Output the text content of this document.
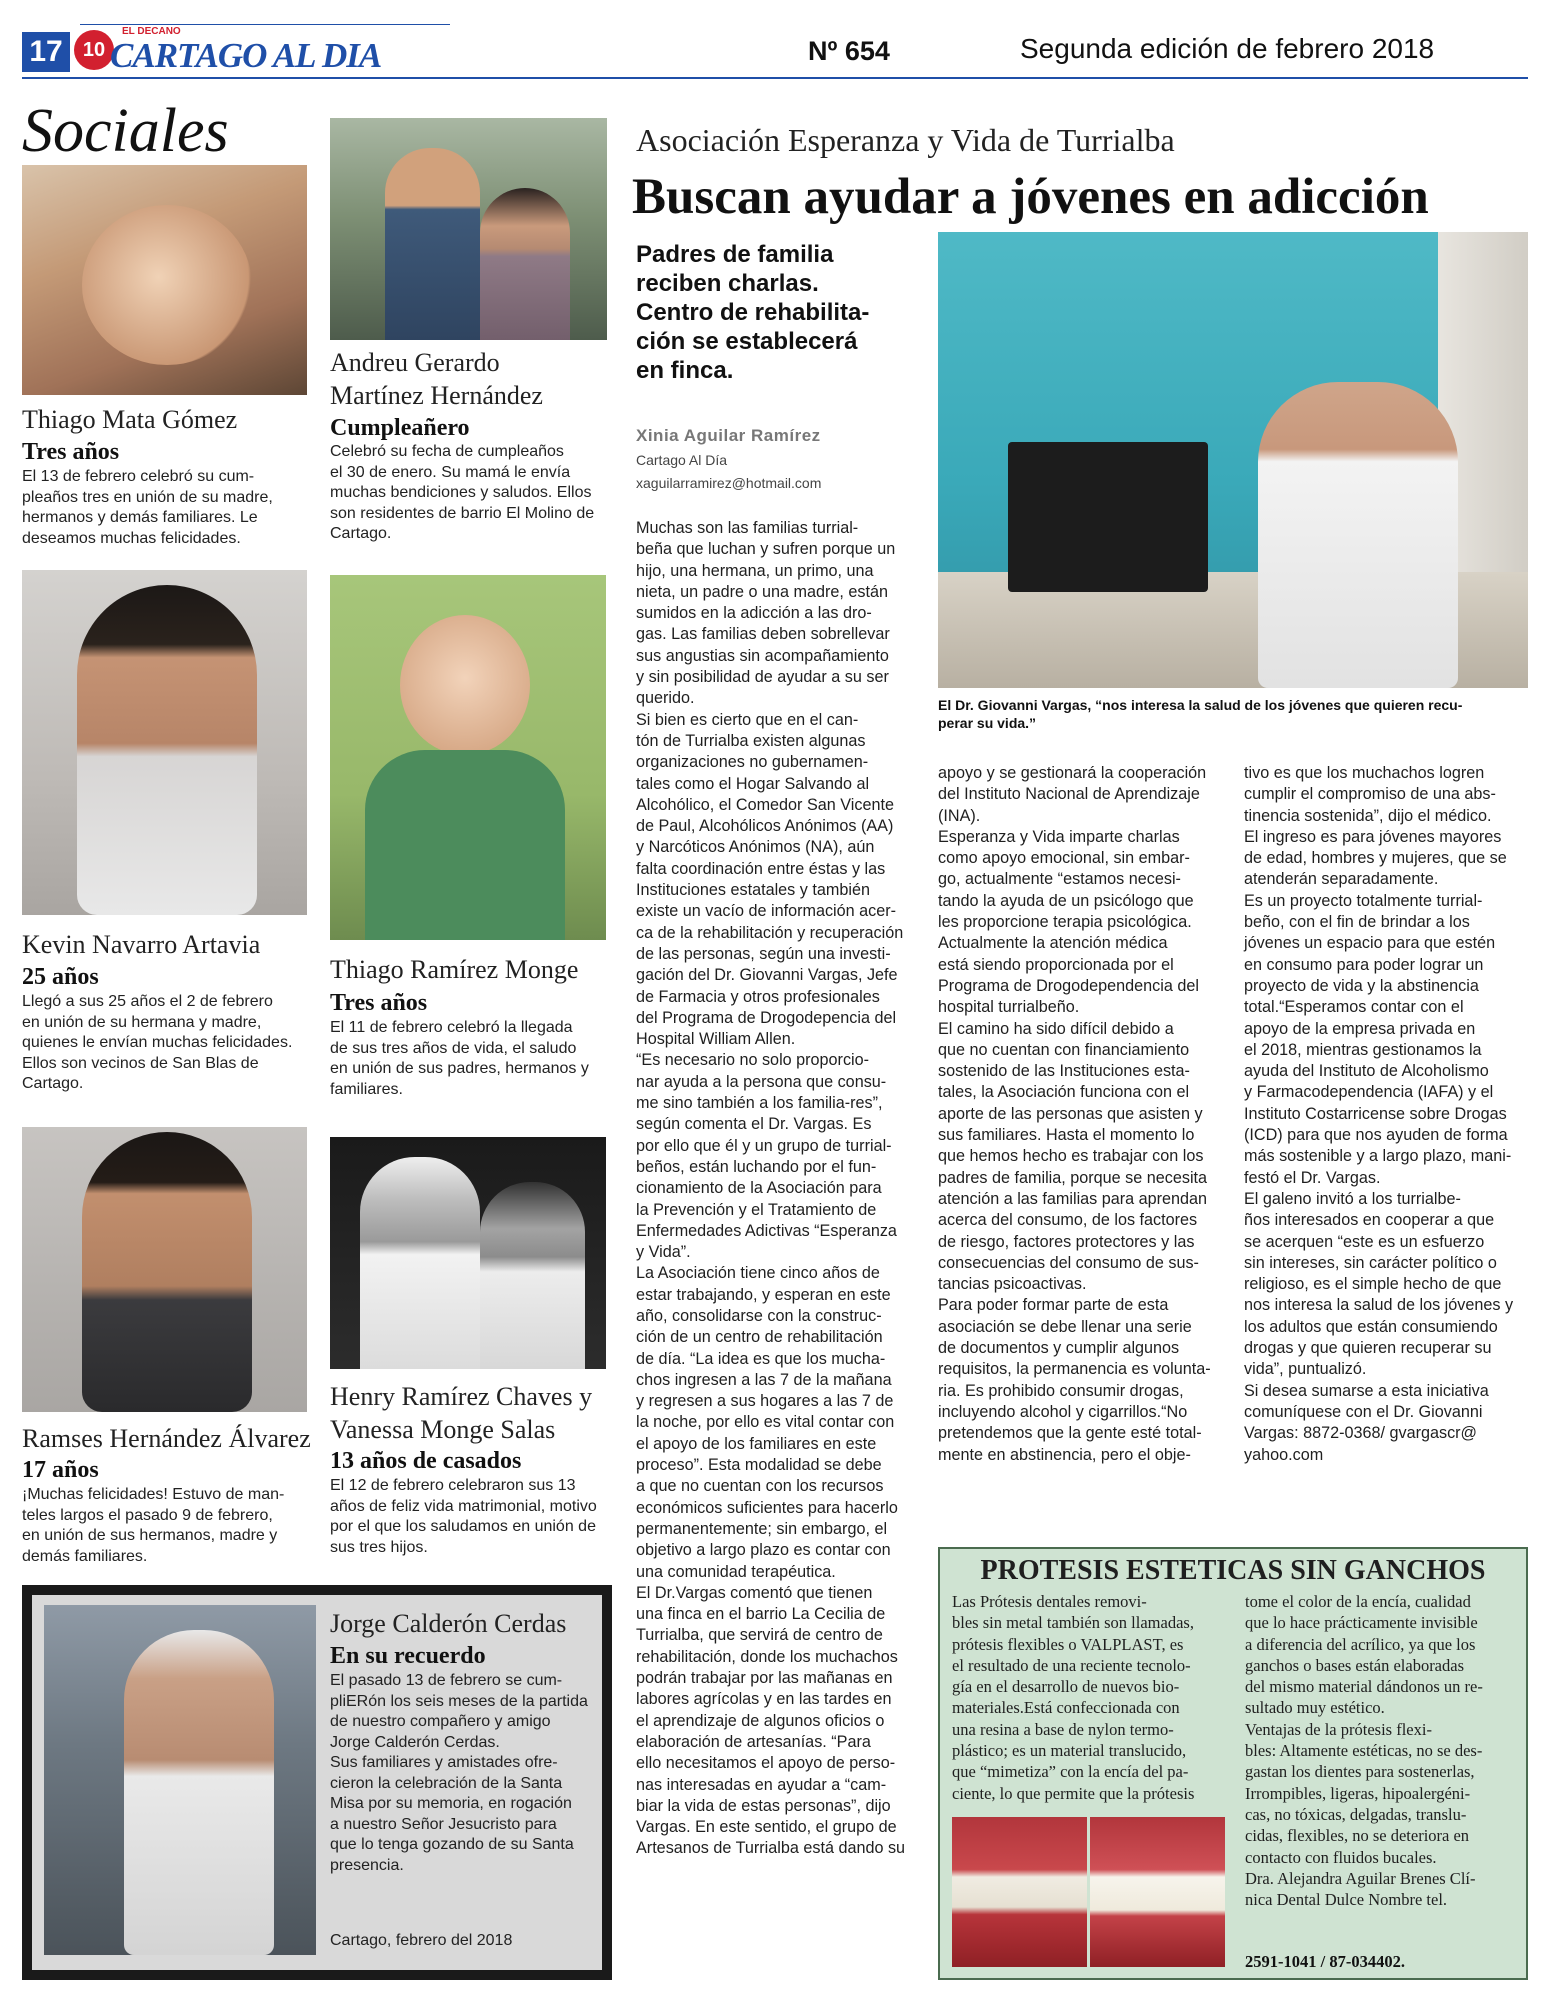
17	10
EL DECANO
CARTAGO AL DIA	Nº 654	Segunda edición de febrero 2018
Sociales
Thiago Mata Gómez
Tres años
El 13 de febrero celebró su cum-
pleaños tres en unión de su madre,
hermanos y demás familiares. Le
deseamos muchas felicidades.
Andreu Gerardo
Martínez Hernández
Cumpleañero
Celebró su fecha de cumpleaños
el 30 de enero. Su mamá le envía
muchas bendiciones y saludos. Ellos
son residentes de barrio El Molino de
Cartago.
Kevin Navarro Artavia
25 años
Llegó a sus 25 años el 2 de febrero
en unión de su hermana y madre,
quienes le envían muchas felicidades.
Ellos son vecinos de San Blas de
Cartago.
Thiago Ramírez Monge
Tres años
El 11 de febrero celebró la llegada
de sus tres años de vida, el saludo
en unión de sus padres, hermanos y
familiares.
Ramses Hernández Álvarez
17 años
¡Muchas felicidades! Estuvo de man-
teles largos el pasado 9 de febrero,
en unión de sus hermanos, madre y
demás familiares.
Henry Ramírez Chaves y
Vanessa Monge Salas
13 años de casados
El 12 de febrero celebraron sus 13
años de feliz vida matrimonial, motivo
por el que los saludamos en unión de
sus tres hijos.
Jorge Calderón Cerdas
En su recuerdo
El pasado 13 de febrero se cum-
pliERón los seis meses de la partida
de nuestro compañero y amigo
Jorge Calderón Cerdas.
Sus familiares y amistades ofre-
cieron la celebración de la Santa
Misa por su memoria, en rogación
a nuestro Señor Jesucristo para
que lo tenga gozando de su Santa
presencia.
Cartago, febrero del 2018
Asociación Esperanza y Vida de Turrialba
Buscan ayudar a jóvenes en adicción
Padres de familia
reciben charlas.
Centro de rehabilita-
ción se establecerá
en finca.
Xinia Aguilar Ramírez
Cartago Al Día
xaguilarramirez@hotmail.com
El Dr. Giovanni Vargas, “nos interesa la salud de los jóvenes que quieren recu-
perar su vida.”
Muchas son las familias turrial-
beña que luchan y sufren porque un
hijo, una hermana, un primo, una
nieta, un padre o una madre, están
sumidos en la adicción a las dro-
gas. Las familias deben sobrellevar
sus angustias sin acompañamiento
y sin posibilidad de ayudar a su ser
querido.
Si bien es cierto que en el can-
tón de Turrialba existen algunas
organizaciones no gubernamen-
tales como el Hogar Salvando al
Alcohólico, el Comedor San Vicente
de Paul, Alcohólicos Anónimos (AA)
y Narcóticos Anónimos (NA), aún
falta coordinación entre éstas y las
Instituciones estatales y también
existe un vacío de información acer-
ca de la rehabilitación y recuperación
de las personas, según una investi-
gación del Dr. Giovanni Vargas, Jefe
de Farmacia y otros profesionales
del Programa de Drogodepencia del
Hospital William Allen.
“Es necesario no solo proporcio-
nar ayuda a la persona que consu-
me sino también a los familia-res”,
según comenta el Dr. Vargas. Es
por ello que él y un grupo de turrial-
beños, están luchando por el fun-
cionamiento de la Asociación para
la Prevención y el Tratamiento de
Enfermedades Adictivas “Esperanza
y Vida”.
La Asociación tiene cinco años de
estar trabajando, y esperan en este
año, consolidarse con la construc-
ción de un centro de rehabilitación
de día. “La idea es que los mucha-
chos ingresen a las 7 de la mañana
y regresen a sus hogares a las 7 de
la noche, por ello es vital contar con
el apoyo de los familiares en este
proceso”. Esta modalidad se debe
a que no cuentan con los recursos
económicos suficientes para hacerlo
permanentemente; sin embargo, el
objetivo a largo plazo es contar con
una comunidad terapéutica.
El Dr.Vargas comentó que tienen
una finca en el barrio La Cecilia de
Turrialba, que servirá de centro de
rehabilitación, donde los muchachos
podrán trabajar por las mañanas en
labores agrícolas y en las tardes en
el aprendizaje de algunos oficios o
elaboración de artesanías. “Para
ello necesitamos el apoyo de perso-
nas interesadas en ayudar a “cam-
biar la vida de estas personas”, dijo
Vargas. En este sentido, el grupo de
Artesanos de Turrialba está dando su
apoyo y se gestionará la cooperación
del Instituto Nacional de Aprendizaje
(INA).
Esperanza y Vida imparte charlas
como apoyo emocional, sin embar-
go, actualmente “estamos necesi-
tando la ayuda de un psicólogo que
les proporcione terapia psicológica.
Actualmente la atención médica
está siendo proporcionada por el
Programa de Drogodependencia del
hospital turrialbeño.
El camino ha sido difícil debido a
que no cuentan con financiamiento
sostenido de las Instituciones esta-
tales, la Asociación funciona con el
aporte de las personas que asisten y
sus familiares. Hasta el momento lo
que hemos hecho es trabajar con los
padres de familia, porque se necesita
atención a las familias para aprendan
acerca del consumo, de los factores
de riesgo, factores protectores y las
consecuencias del consumo de sus-
tancias psicoactivas.
Para poder formar parte de esta
asociación se debe llenar una serie
de documentos y cumplir algunos
requisitos, la permanencia es volunta-
ria. Es prohibido consumir drogas,
incluyendo alcohol y cigarrillos.“No
pretendemos que la gente esté total-
mente en abstinencia, pero el obje-
tivo es que los muchachos logren
cumplir el compromiso de una abs-
tinencia sostenida”, dijo el médico.
El ingreso es para jóvenes mayores
de edad, hombres y mujeres, que se
atenderán separadamente.
Es un proyecto totalmente turrial-
beño, con el fin de brindar a los
jóvenes un espacio para que estén
en consumo para poder lograr un
proyecto de vida y la abstinencia
total.“Esperamos contar con el
apoyo de la empresa privada en
el 2018, mientras gestionamos la
ayuda del Instituto de Alcoholismo
y Farmacodependencia (IAFA) y el
Instituto Costarricense sobre Drogas
(ICD) para que nos ayuden de forma
más sostenible y a largo plazo, mani-
festó el Dr. Vargas.
El galeno invitó a los turrialbe-
ños interesados en cooperar a que
se acerquen “este es un esfuerzo
sin intereses, sin carácter político o
religioso, es el simple hecho de que
nos interesa la salud de los jóvenes y
los adultos que están consumiendo
drogas y que quieren recuperar su
vida”, puntualizó.
Si desea sumarse a esta iniciativa
comuníquese con el Dr. Giovanni
Vargas: 8872-0368/ gvargascr@
yahoo.com
PROTESIS ESTETICAS SIN GANCHOS
Las Prótesis dentales removi-
bles sin metal también son llamadas,
prótesis flexibles o VALPLAST, es
el resultado de una reciente tecnolo-
gía en el desarrollo de nuevos bio-
materiales.Está confeccionada con
una resina a base de nylon termo-
plástico; es un material translucido,
que “mimetiza” con la encía del pa-
ciente, lo que permite que la prótesis
tome el color de la encía, cualidad
que lo hace prácticamente invisible
a diferencia del acrílico, ya que los
ganchos o bases están elaboradas
del mismo material dándonos un re-
sultado muy estético.
Ventajas de la prótesis flexi-
bles: Altamente estéticas, no se des-
gastan los dientes para sostenerlas,
Irrompibles, ligeras, hipoalergéni-
cas, no tóxicas, delgadas, translu-
cidas, flexibles, no se deteriora en
contacto con fluidos bucales.
Dra. Alejandra Aguilar Brenes Clí-
nica Dental Dulce Nombre tel.
2591-1041 / 87-034402.
